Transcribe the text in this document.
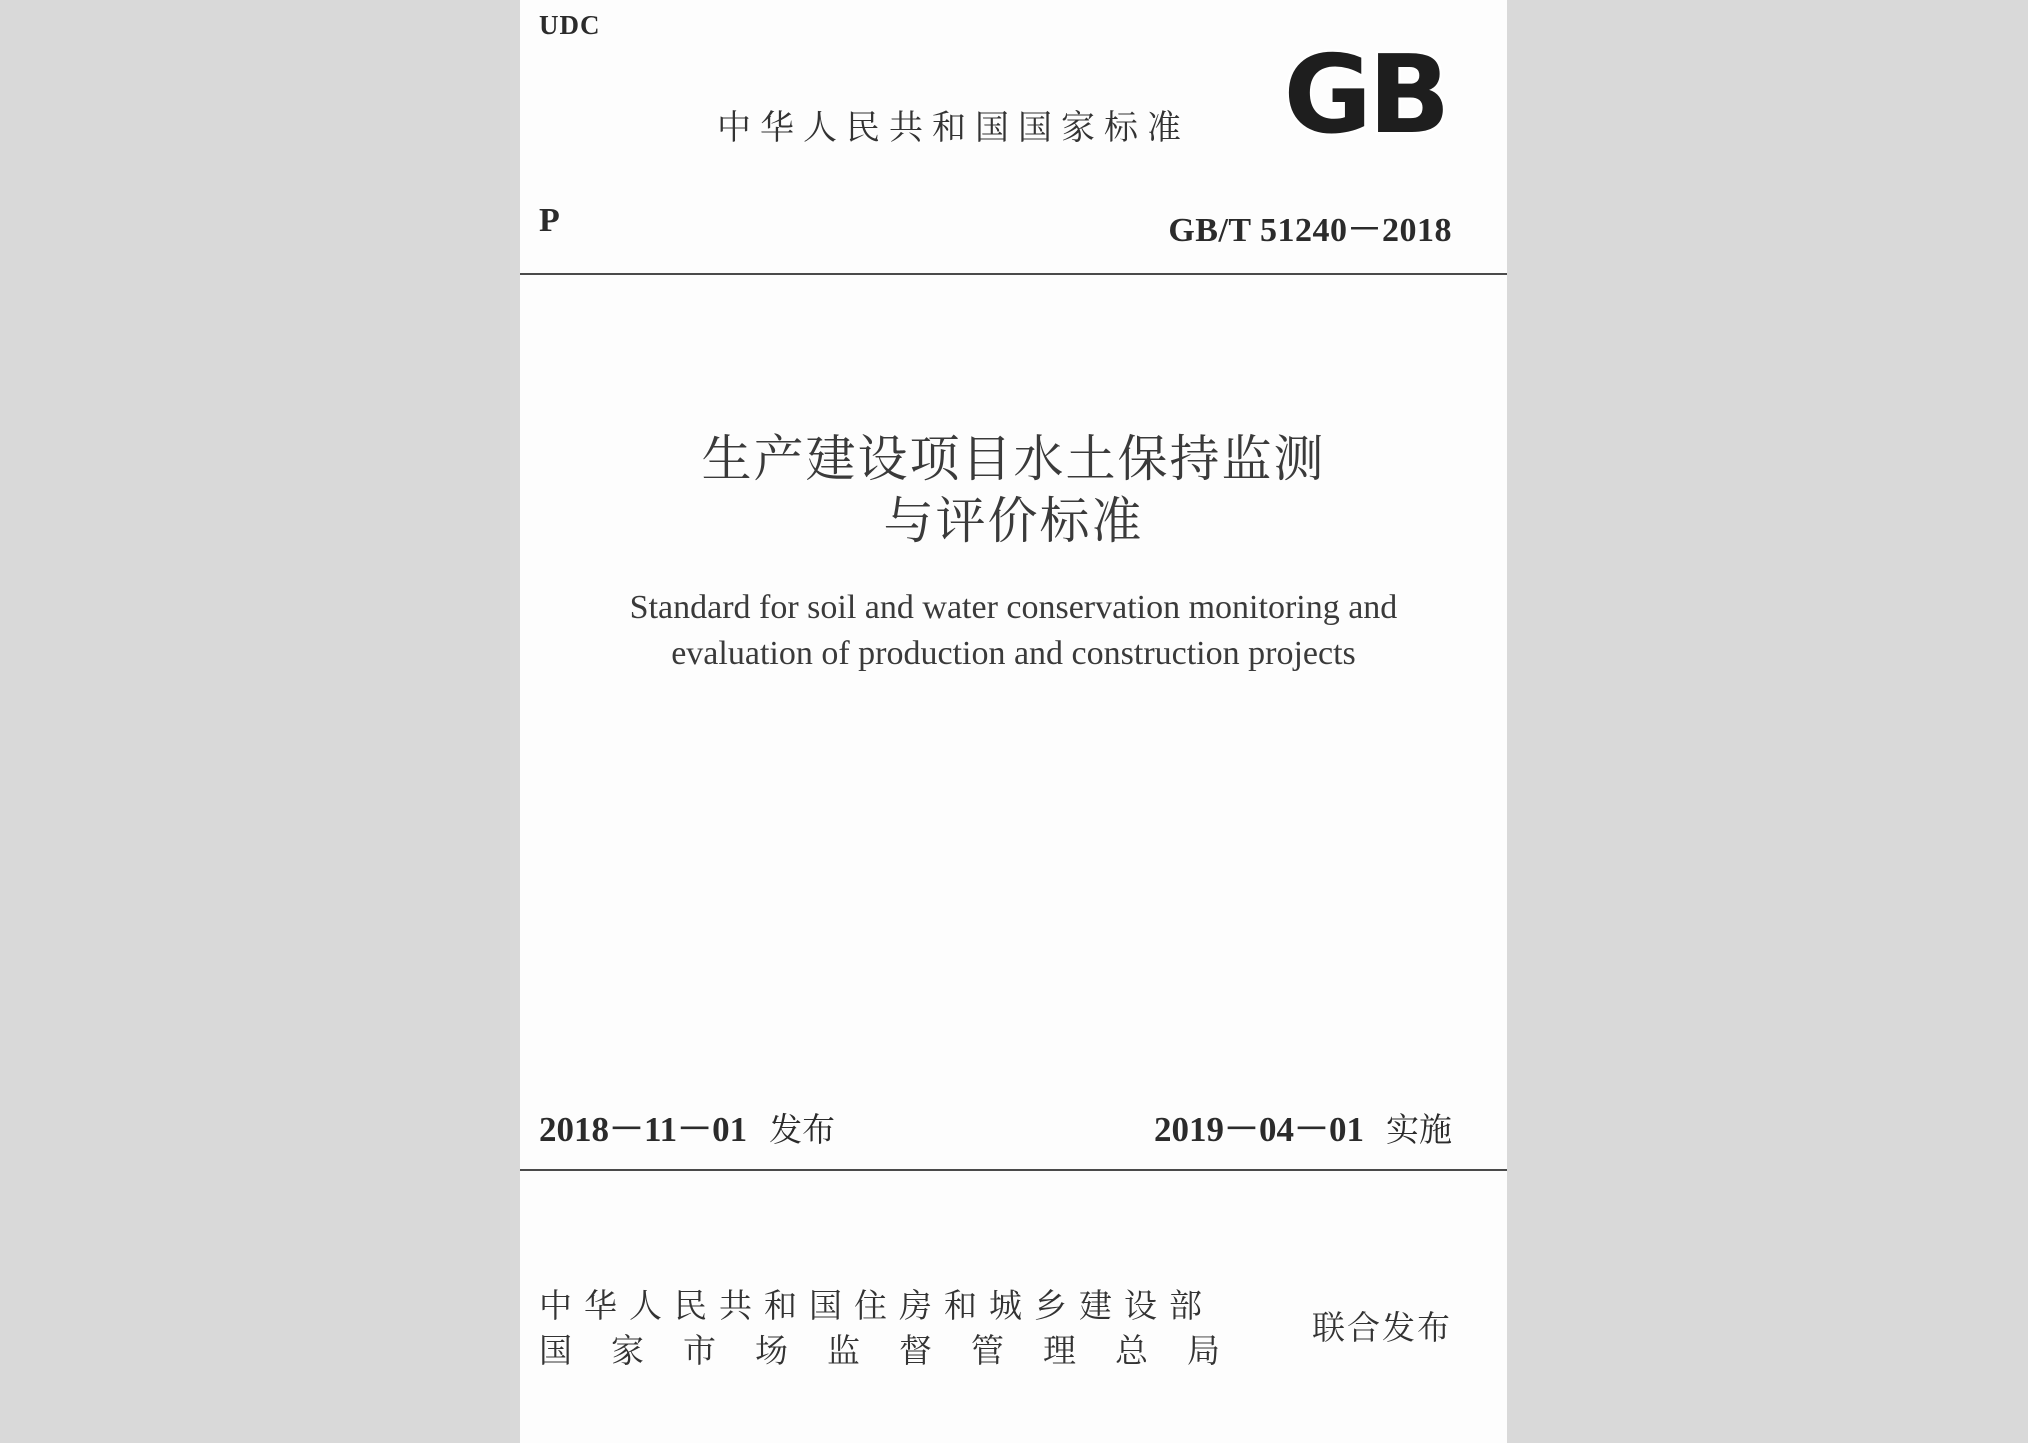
UDC
中华人民共和国国家标准 GB
P	GB/T 51240－2018
生产建设项目水土保持监测
与评价标准
Standard for soil and water conservation monitoring and
evaluation of production and construction projects
2018－11－01 发布	2019－04－01 实施
中华人民共和国住房和城乡建设部
国家市场监督管理总局
联合发布
